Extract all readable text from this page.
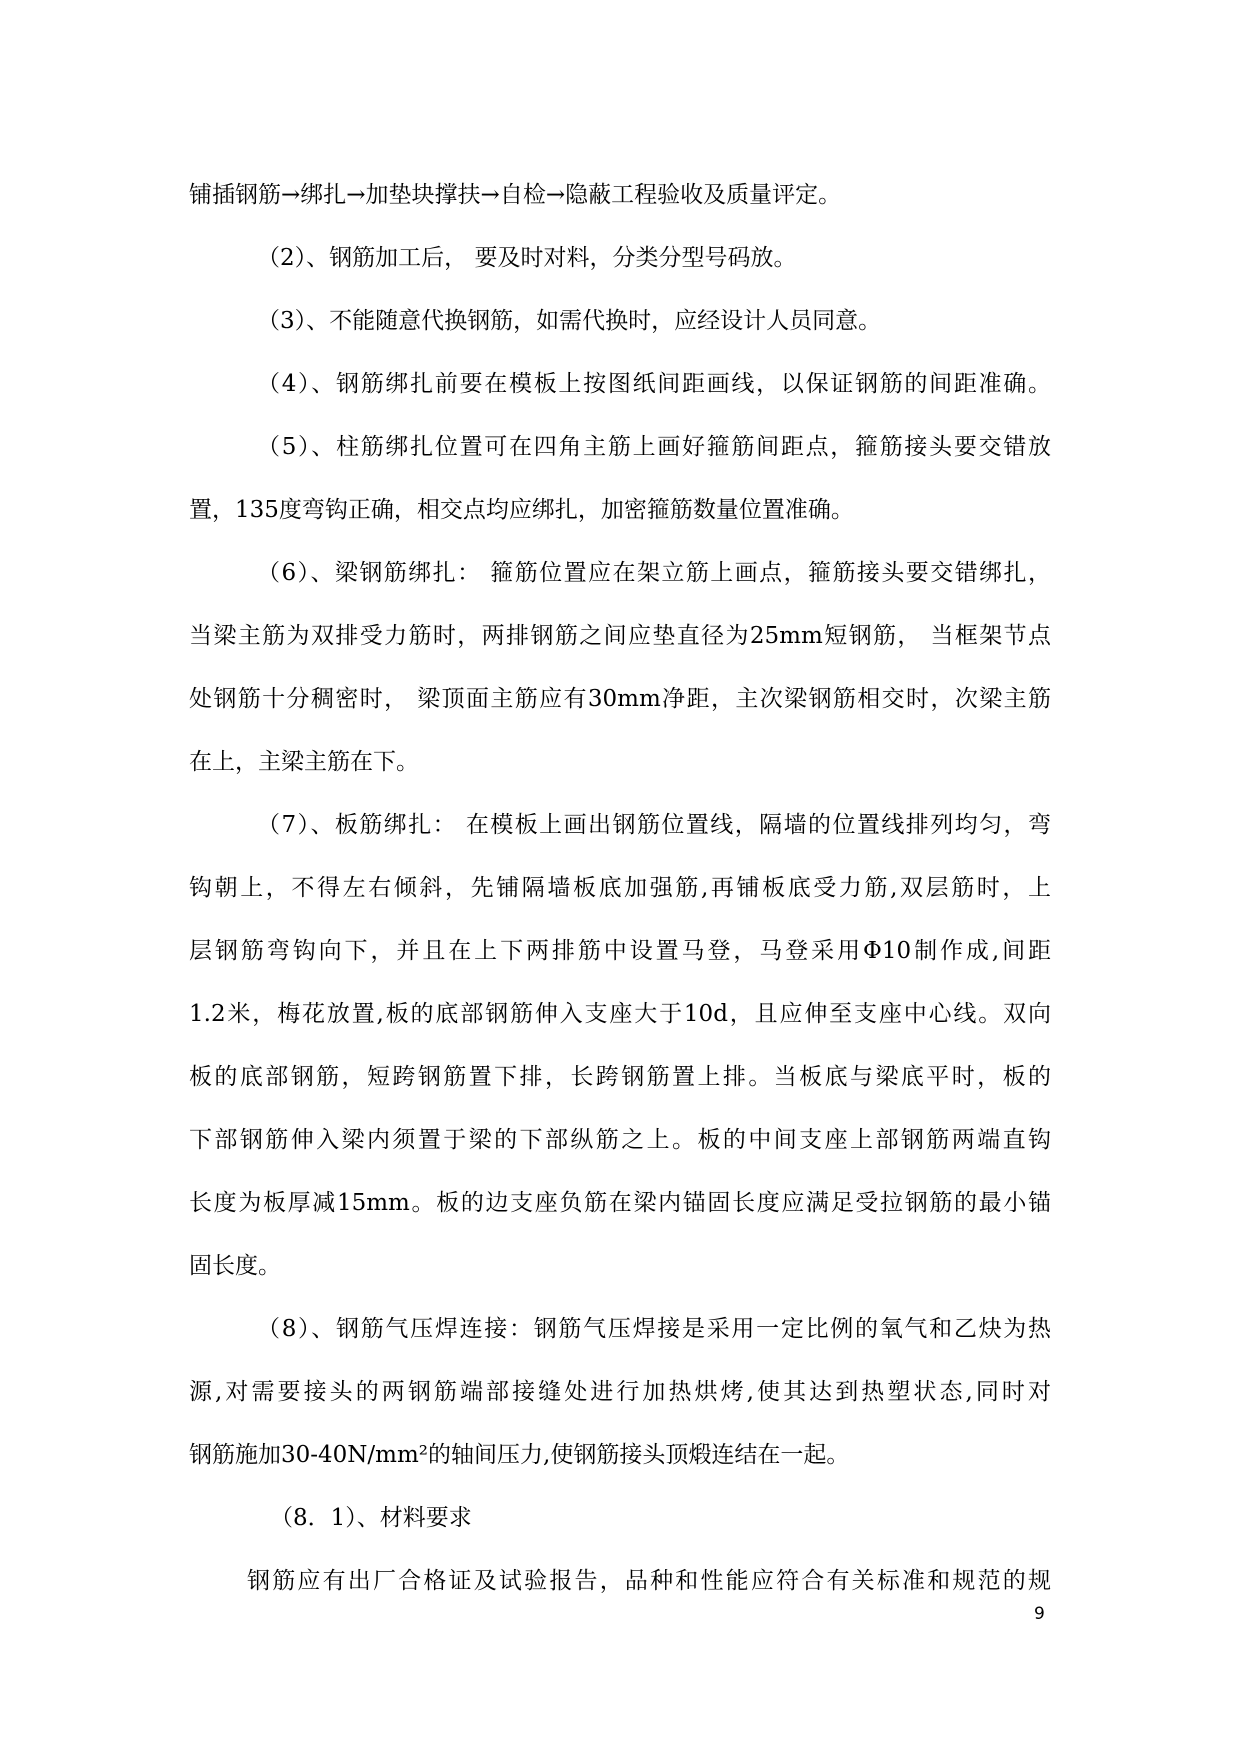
铺插钢筋→绑扎→加垫块撑扶→自检→隐蔽工程验收及质量评定。
（2）、钢筋加工后， 要及时对料，分类分型号码放。
（3）、不能随意代换钢筋，如需代换时，应经设计人员同意。
（4）、钢筋绑扎前要在模板上按图纸间距画线，以保证钢筋的间距准确。
（5）、柱筋绑扎位置可在四角主筋上画好箍筋间距点，箍筋接头要交错放
置，135度弯钩正确，相交点均应绑扎，加密箍筋数量位置准确。
（6）、梁钢筋绑扎： 箍筋位置应在架立筋上画点，箍筋接头要交错绑扎，
当梁主筋为双排受力筋时，两排钢筋之间应垫直径为25mm短钢筋， 当框架节点
处钢筋十分稠密时， 梁顶面主筋应有30mm净距，主次梁钢筋相交时，次梁主筋
在上，主梁主筋在下。
（7）、板筋绑扎： 在模板上画出钢筋位置线，隔墙的位置线排列均匀，弯
钩朝上，不得左右倾斜，先铺隔墙板底加强筋,再铺板底受力筋,双层筋时，上
层钢筋弯钩向下，并且在上下两排筋中设置马登，马登采用Φ10制作成,间距
1.2米，梅花放置,板的底部钢筋伸入支座大于10d，且应伸至支座中心线。双向
板的底部钢筋，短跨钢筋置下排，长跨钢筋置上排。当板底与梁底平时，板的
下部钢筋伸入梁内须置于梁的下部纵筋之上。板的中间支座上部钢筋两端直钩
长度为板厚减15mm。板的边支座负筋在梁内锚固长度应满足受拉钢筋的最小锚
固长度。
（8）、钢筋气压焊连接：钢筋气压焊接是采用一定比例的氧气和乙炔为热
源,对需要接头的两钢筋端部接缝处进行加热烘烤,使其达到热塑状态,同时对
钢筋施加30-40N/mm²的轴间压力,使钢筋接头顶煅连结在一起。
（8．1）、材料要求
钢筋应有出厂合格证及试验报告，品种和性能应符合有关标准和规范的规
9
